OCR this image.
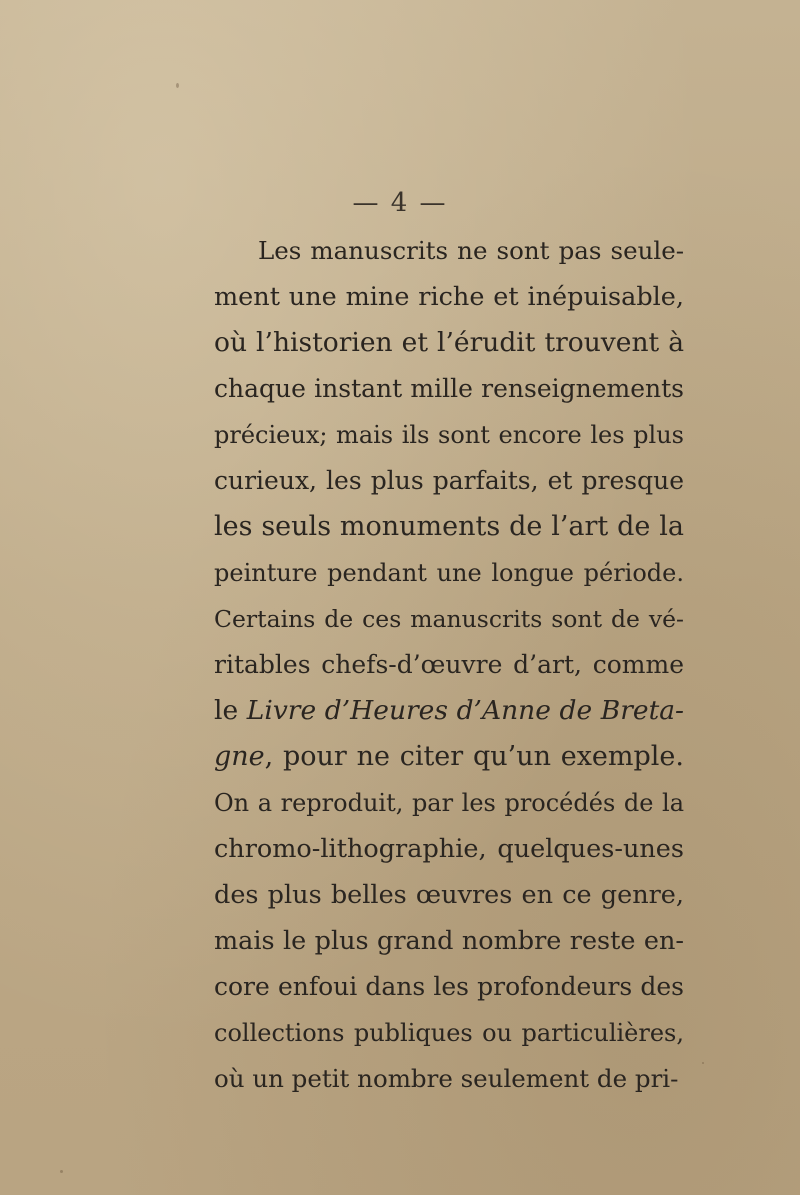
— 4 —
Les manuscrits ne sont pas seule-
ment une mine riche et inépuisable,
où l’historien et l’érudit trouvent à
chaque instant mille renseignements
précieux; mais ils sont encore les plus
curieux, les plus parfaits, et presque
les seuls monuments de l’art de la
peinture pendant une longue période.
Certains de ces manuscrits sont de vé-
ritables chefs-d’œuvre d’art, comme
le Livre d’Heures d’Anne de Breta-
gne, pour ne citer qu’un exemple.
On a reproduit, par les procédés de la
chromo-lithographie, quelques-unes
des plus belles œuvres en ce genre,
mais le plus grand nombre reste en-
core enfoui dans les profondeurs des
collections publiques ou particulières,
où un petit nombre seulement de pri-
